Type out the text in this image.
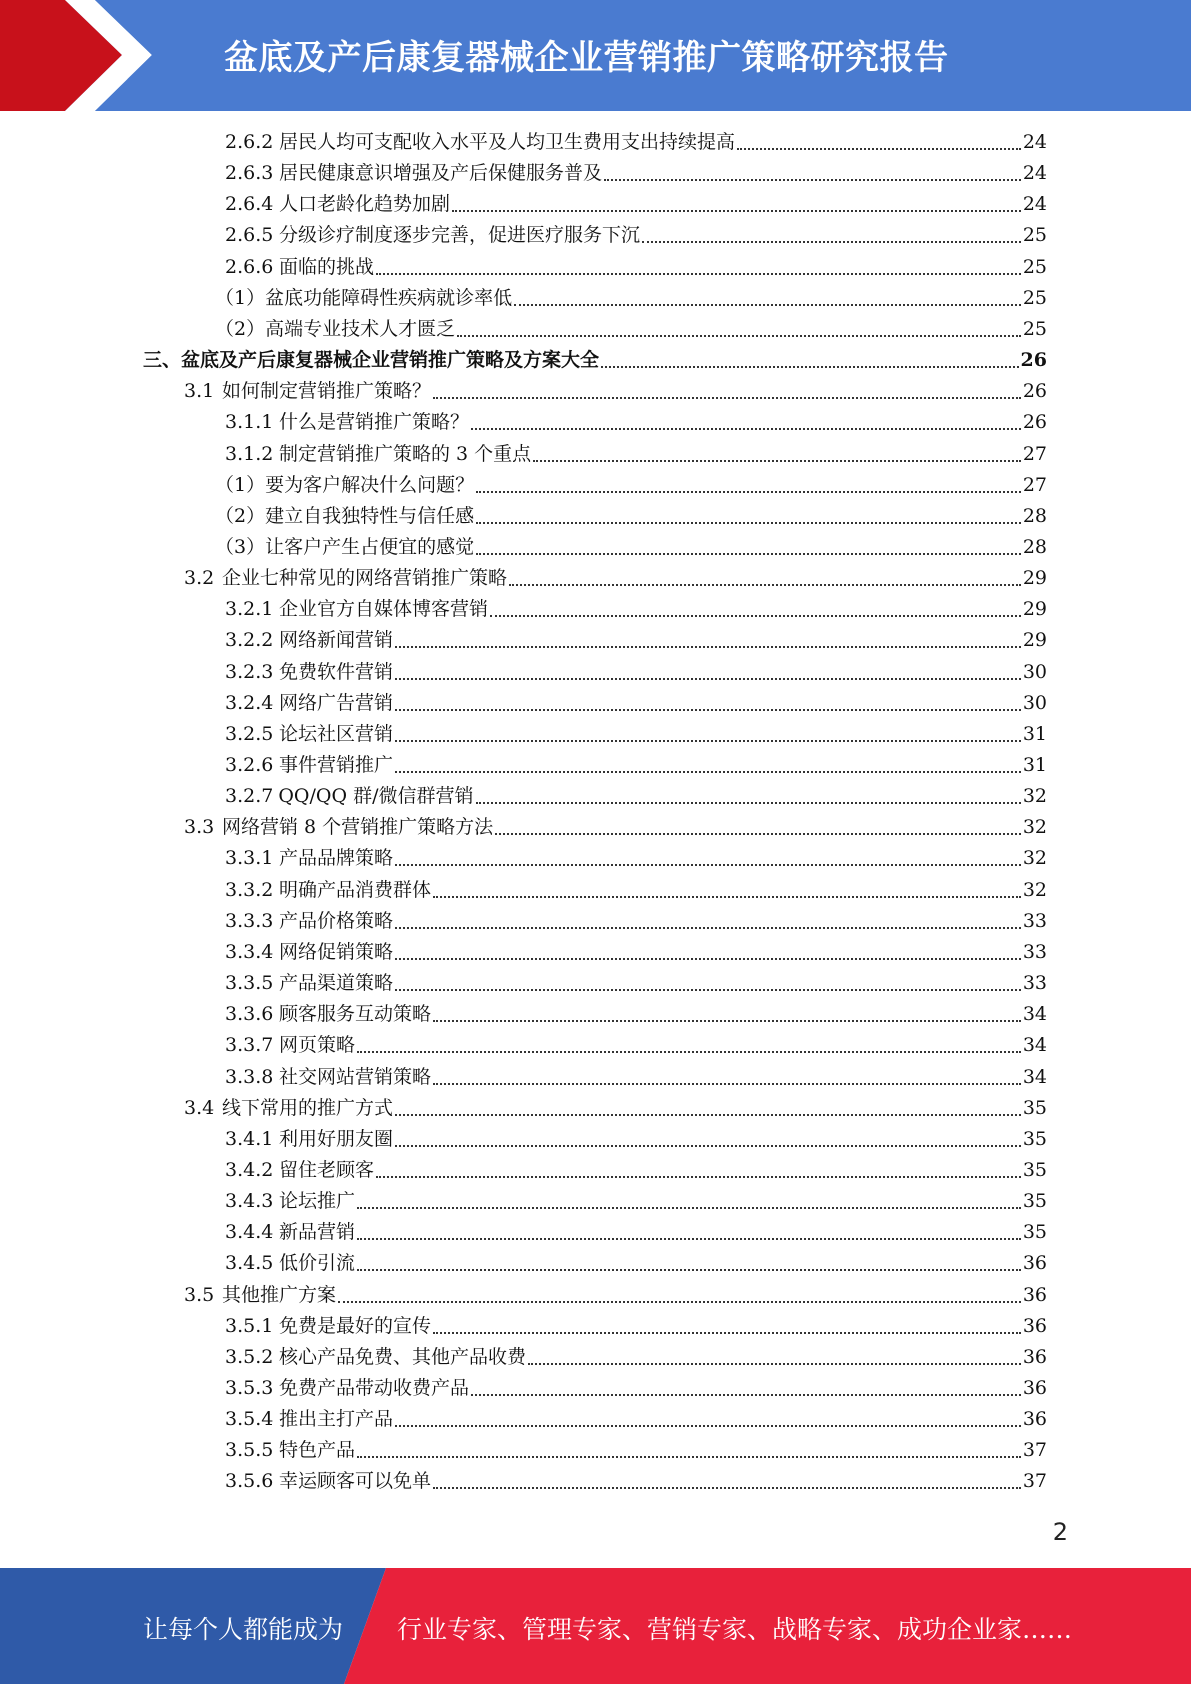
盆底及产后康复器械企业营销推广策略研究报告
2.6.2 居民人均可支配收入水平及人均卫生费用支出持续提高	24
2.6.3 居民健康意识增强及产后保健服务普及	24
2.6.4 人口老龄化趋势加剧	24
2.6.5 分级诊疗制度逐步完善，促进医疗服务下沉	25
2.6.6 面临的挑战	25
（1） 盆底功能障碍性疾病就诊率低	25
（2） 高端专业技术人才匮乏	25
三、 盆底及产后康复器械企业营销推广策略及方案大全	26
3.1 如何制定营销推广策略？	26
3.1.1 什么是营销推广策略？	26
3.1.2 制定营销推广策略的 3 个重点	27
（1） 要为客户解决什么问题？	27
（2） 建立自我独特性与信任感	28
（3） 让客户产生占便宜的感觉	28
3.2 企业七种常见的网络营销推广策略	29
3.2.1 企业官方自媒体博客营销	29
3.2.2 网络新闻营销	29
3.2.3 免费软件营销	30
3.2.4 网络广告营销	30
3.2.5 论坛社区营销	31
3.2.6 事件营销推广	31
3.2.7 QQ/QQ 群/微信群营销	32
3.3 网络营销 8 个营销推广策略方法	32
3.3.1 产品品牌策略	32
3.3.2 明确产品消费群体	32
3.3.3 产品价格策略	33
3.3.4 网络促销策略	33
3.3.5 产品渠道策略	33
3.3.6 顾客服务互动策略	34
3.3.7 网页策略	34
3.3.8 社交网站营销策略	34
3.4 线下常用的推广方式	35
3.4.1 利用好朋友圈	35
3.4.2 留住老顾客	35
3.4.3 论坛推广	35
3.4.4 新品营销	35
3.4.5 低价引流	36
3.5 其他推广方案	36
3.5.1 免费是最好的宣传	36
3.5.2 核心产品免费、其他产品收费	36
3.5.3 免费产品带动收费产品	36
3.5.4 推出主打产品	36
3.5.5 特色产品	37
3.5.6 幸运顾客可以免单	37
2
让每个人都能成为 行业专家、管理专家、营销专家、战略专家、成功企业家……
